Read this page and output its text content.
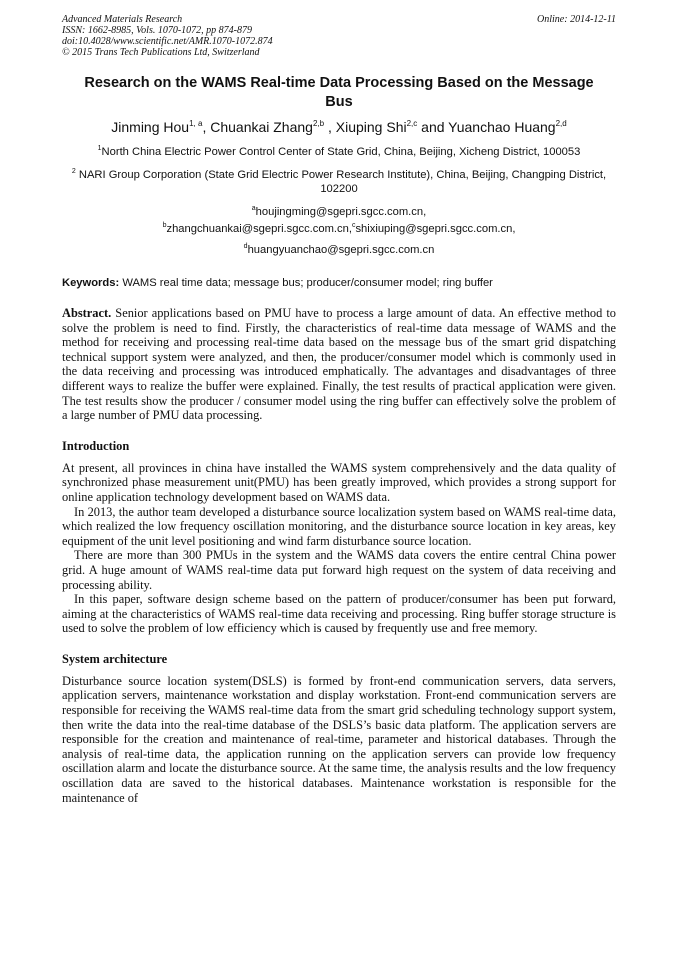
Advanced Materials Research	Online: 2014-12-11
ISSN: 1662-8985, Vols. 1070-1072, pp 874-879
doi:10.4028/www.scientific.net/AMR.1070-1072.874
© 2015 Trans Tech Publications Ltd, Switzerland
Research on the WAMS Real-time Data Processing Based on the Message Bus
Jinming Hou$^{1, a}$, Chuankai Zhang$^{2,b}$ , Xiuping Shi$^{2,c}$ and Yuanchao Huang$^{2,d}$
$^1$North China Electric Power Control Center of State Grid, China, Beijing, Xicheng District, 100053
$^2$ NARI Group Corporation (State Grid Electric Power Research Institute), China, Beijing, Changping District, 102200
$^a$houjingming@sgepri.sgcc.com.cn,
$^b$zhangchuankai@sgepri.sgcc.com.cn,$^c$shixiuping@sgepri.sgcc.com.cn,
$^d$huangyuanchao@sgepri.sgcc.com.cn
Keywords: WAMS real time data; message bus; producer/consumer model; ring buffer
Abstract. Senior applications based on PMU have to process a large amount of data. An effective method to solve the problem is need to find. Firstly, the characteristics of real-time data message of WAMS and the method for receiving and processing real-time data based on the message bus of the smart grid dispatching technical support system were analyzed, and then, the producer/consumer model which is commonly used in the data receiving and processing was introduced emphatically. The advantages and disadvantages of three different ways to realize the buffer were explained. Finally, the test results of practical application were given. The test results show the producer / consumer model using the ring buffer can effectively solve the problem of a large number of PMU data processing.
Introduction

At present, all provinces in china have installed the WAMS system comprehensively and the data quality of synchronized phase measurement unit(PMU) has been greatly improved, which provides a strong support for online application technology development based on WAMS data.

In 2013, the author team developed a disturbance source localization system based on WAMS real-time data, which realized the low frequency oscillation monitoring, and the disturbance source location in key areas, key equipment of the unit level positioning and wind farm disturbance source location.

There are more than 300 PMUs in the system and the WAMS data covers the entire central China power grid. A huge amount of WAMS real-time data put forward high request on the system of data receiving and processing ability.

In this paper, software design scheme based on the pattern of producer/consumer has been put forward, aiming at the characteristics of WAMS real-time data receiving and processing. Ring buffer storage structure is used to solve the problem of low efficiency which is caused by frequently use and free memory.

System architecture

Disturbance source location system(DSLS) is formed by front-end communication servers, data servers, application servers, maintenance workstation and display workstation. Front-end communication servers are responsible for receiving the WAMS real-time data from the smart grid scheduling technology support system, then write the data into the real-time database of the DSLS’s basic data platform. The application servers are responsible for the creation and maintenance of real-time, parameter and historical databases. Through the analysis of real-time data, the application running on the application servers can provide low frequency oscillation alarm and locate the disturbance source. At the same time, the analysis results and the low frequency oscillation data are saved to the historical databases. Maintenance workstation is responsible for the maintenance of
